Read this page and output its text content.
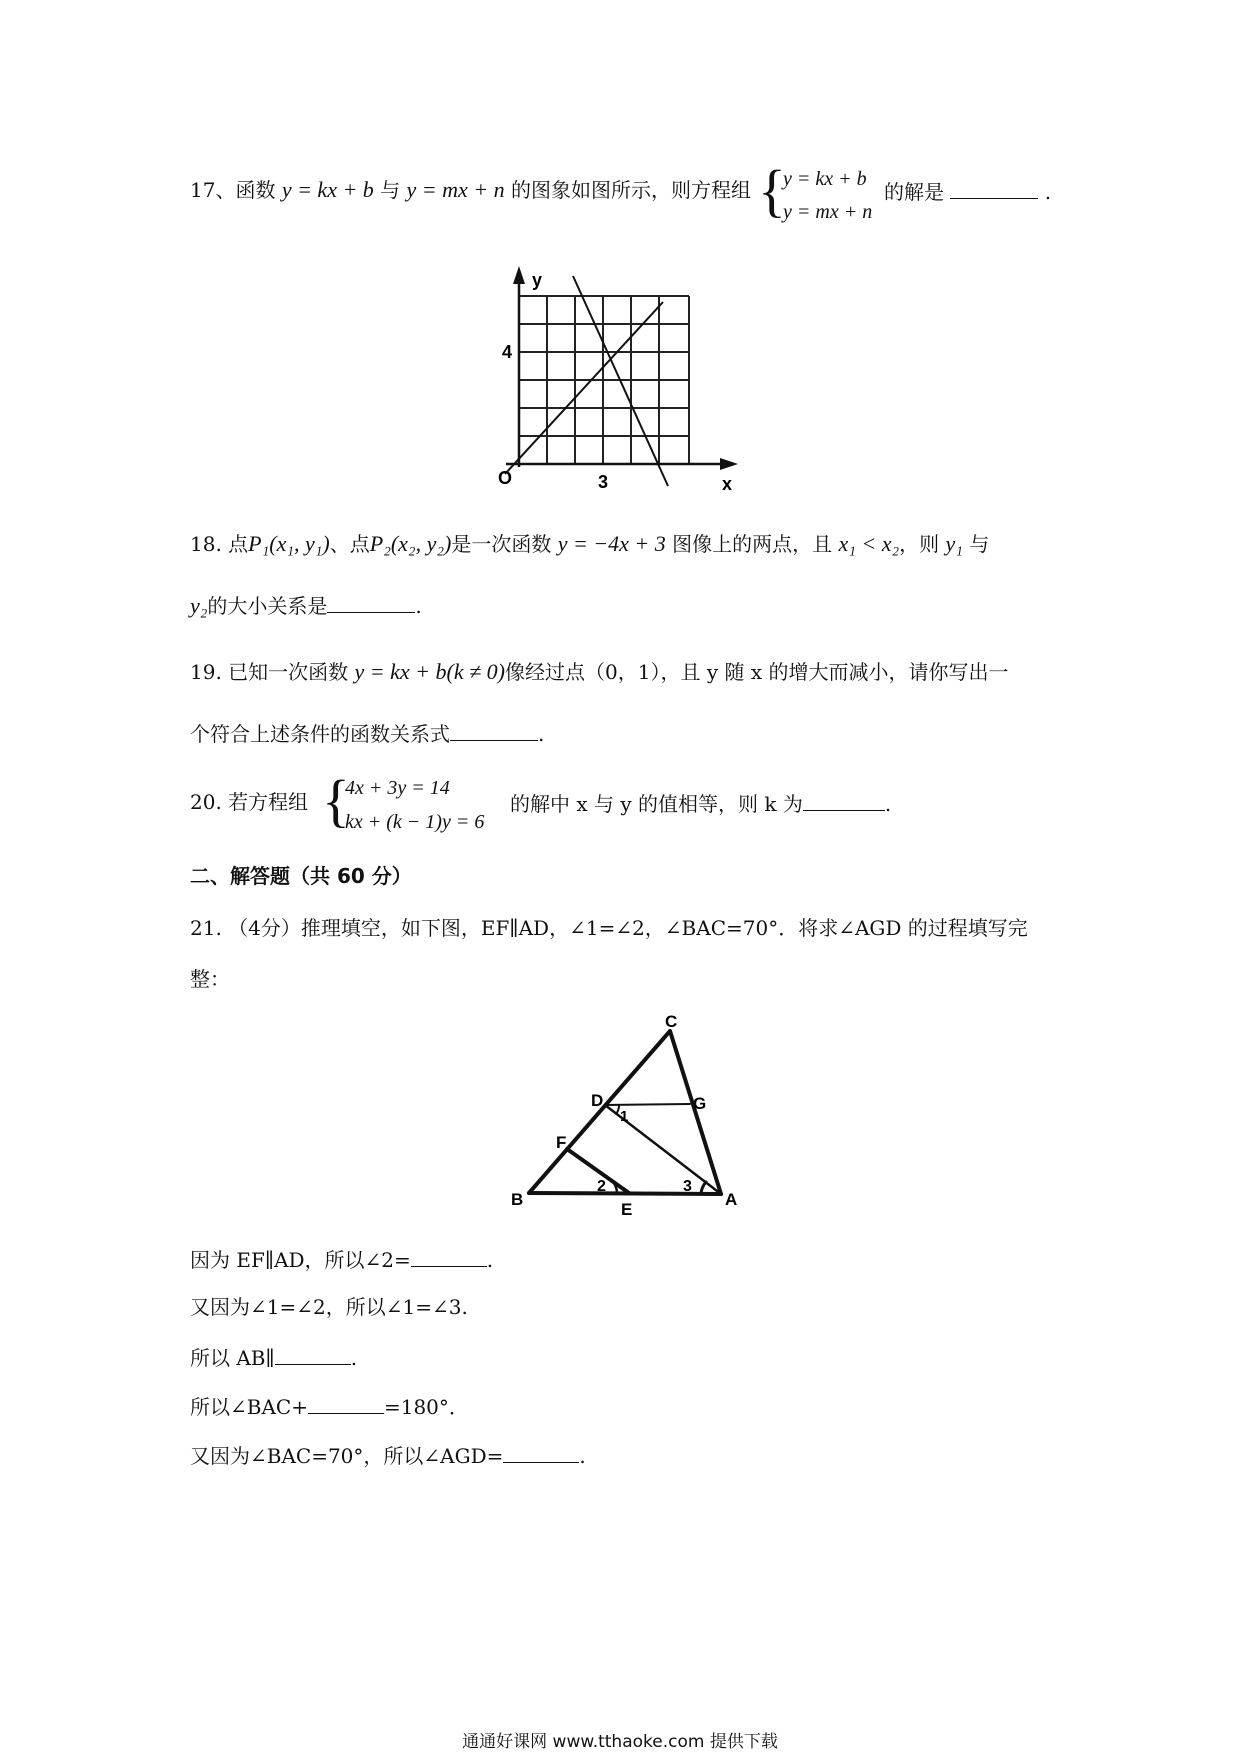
17、函数 y = kx + b 与 y = mx + n 的图象如图所示，则方程组 {
y = kx + b
y = mx + n
的解是	.
y
x
O
4
3
18. 点P₁(x₁, y₁)、点P₂(x₂, y₂)是一次函数 y = −4x + 3 图像上的两点，且 x₁ < x₂，则 y₁ 与
y₂的大小关系是	.
19. 已知一次函数 y = kx + b(k ≠ 0)像经过点（0，1），且 y 随 x 的增大而减小，请你写出一
个符合上述条件的函数关系式	.
20. 若方程组 {
4x + 3y = 14
kx + (k − 1)y = 6
的解中 x 与 y 的值相等，则 k 为	.
二、解答题（共 60 分）
21. （4分）推理填空，如下图，EF∥AD，∠1=∠2，∠BAC=70°．将求∠AGD 的过程填写完
整：
C
D	G
F
B
E
A
1
2	3
因为 EF∥AD，所以∠2=	.
又因为∠1=∠2，所以∠1=∠3.
所以 AB∥	.
所以∠BAC+	=180°．
又因为∠BAC=70°，所以∠AGD=	.
通通好课网 www.tthaoke.com 提供下载
